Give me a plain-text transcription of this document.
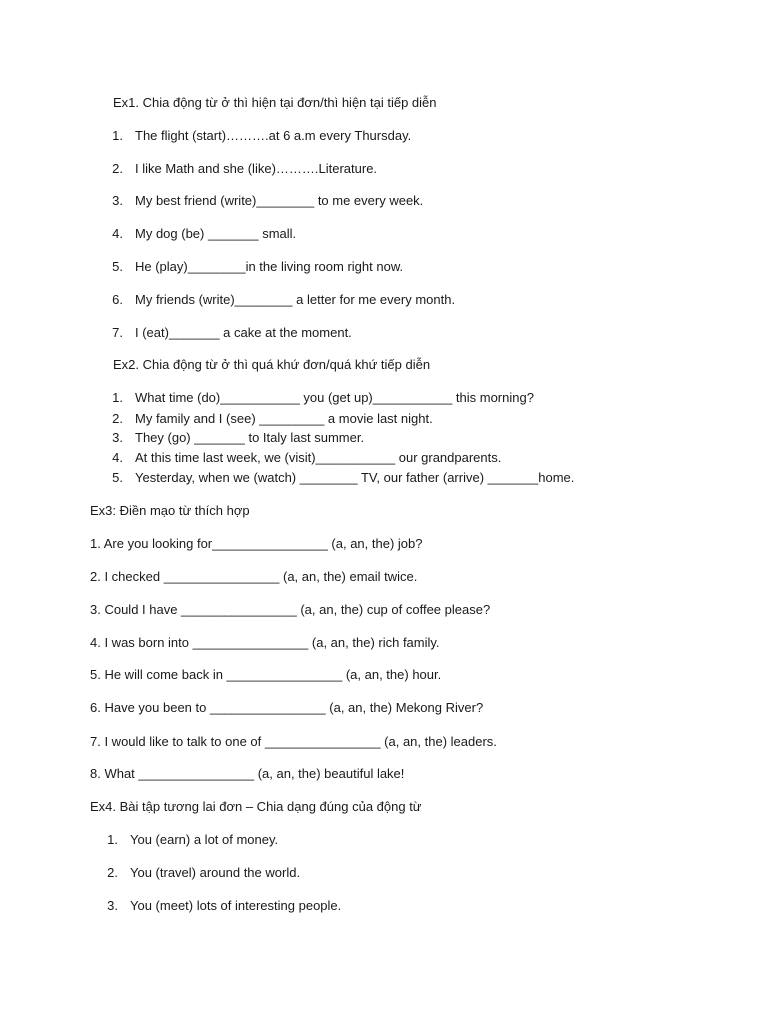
Ex1. Chia động từ ở thì hiện tại đơn/thì hiện tại tiếp diễn
1. The flight (start)……….at 6 a.m every Thursday.
2. I like Math and she (like)……….Literature.
3. My best friend (write)________ to me every week.
4. My dog (be) _______ small.
5. He (play)________in the living room right now.
6. My friends (write)________ a letter for me every month.
7. I (eat)_______ a cake at the moment.
Ex2. Chia động từ ở thì quá khứ đơn/quá khứ tiếp diễn
1. What time (do)___________ you (get up)___________ this morning?
2. My family and I (see) _________ a movie last night.
3. They (go) _______ to Italy last summer.
4. At this time last week, we (visit)___________ our grandparents.
5. Yesterday, when we (watch) ________ TV, our father (arrive) _______home.
Ex3: Điền mạo từ thích hợp
1. Are you looking for________________ (a, an, the) job?
2. I checked ________________ (a, an, the) email twice.
3. Could I have ________________ (a, an, the) cup of coffee please?
4. I was born into ________________ (a, an, the) rich family.
5. He will come back in ________________ (a, an, the) hour.
6. Have you been to ________________ (a, an, the) Mekong River?
7. I would like to talk to one of ________________ (a, an, the) leaders.
8. What ________________ (a, an, the) beautiful lake!
Ex4. Bài tập tương lai đơn – Chia dạng đúng của động từ
1. You (earn) a lot of money.
2. You (travel) around the world.
3. You (meet) lots of interesting people.
